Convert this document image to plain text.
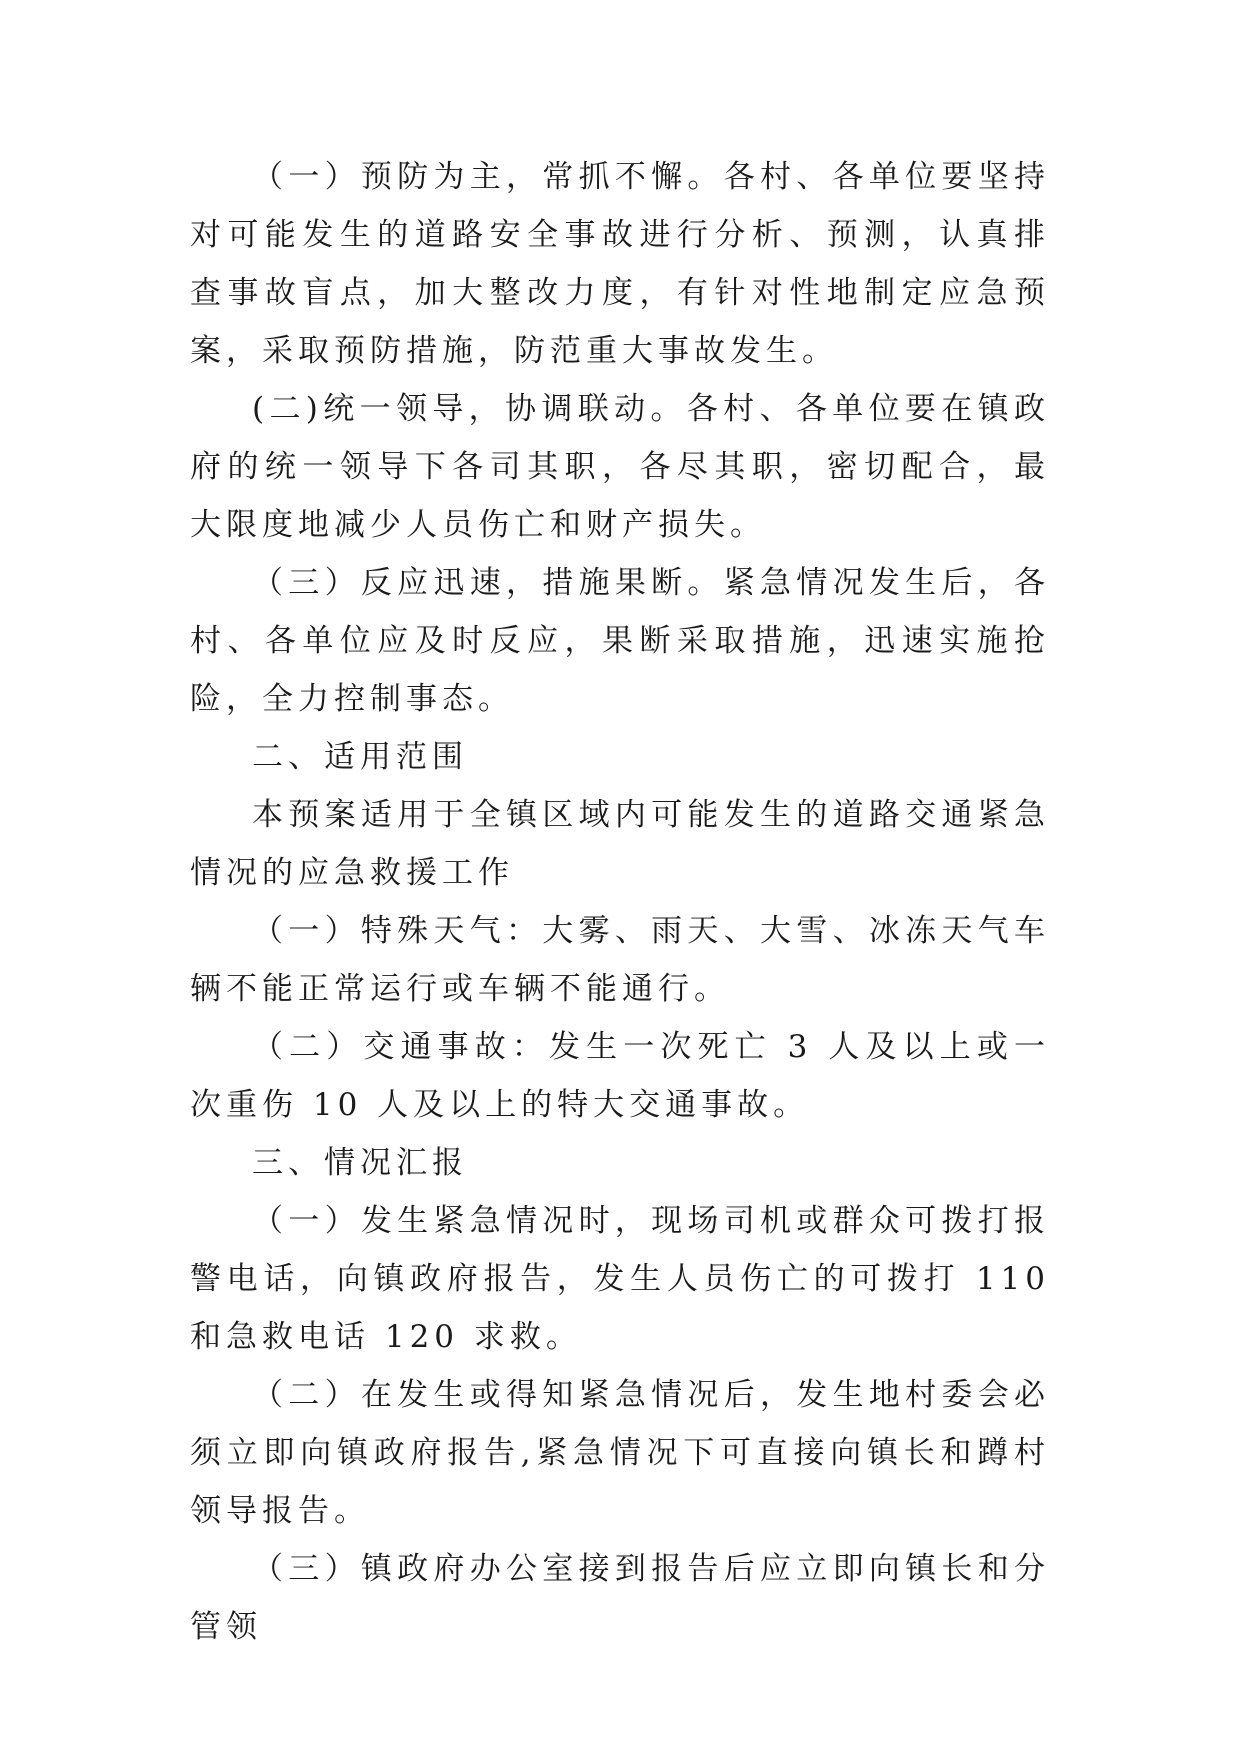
（一）预防为主，常抓不懈。各村、各单位要坚持对可能发生的道路安全事故进行分析、预测，认真排查事故盲点，加大整改力度，有针对性地制定应急预案，采取预防措施，防范重大事故发生。

(二)统一领导，协调联动。各村、各单位要在镇政府的统一领导下各司其职，各尽其职，密切配合，最大限度地减少人员伤亡和财产损失。

（三）反应迅速，措施果断。紧急情况发生后，各村、各单位应及时反应，果断采取措施，迅速实施抢险，全力控制事态。

二、适用范围

本预案适用于全镇区域内可能发生的道路交通紧急情况的应急救援工作

（一）特殊天气：大雾、雨天、大雪、冰冻天气车辆不能正常运行或车辆不能通行。

（二）交通事故：发生一次死亡 3 人及以上或一次重伤 10 人及以上的特大交通事故。

三、情况汇报

（一）发生紧急情况时，现场司机或群众可拨打报警电话，向镇政府报告，发生人员伤亡的可拨打 110 和急救电话 120 求救。

（二）在发生或得知紧急情况后，发生地村委会必须立即向镇政府报告,紧急情况下可直接向镇长和蹲村领导报告。

（三）镇政府办公室接到报告后应立即向镇长和分管领
